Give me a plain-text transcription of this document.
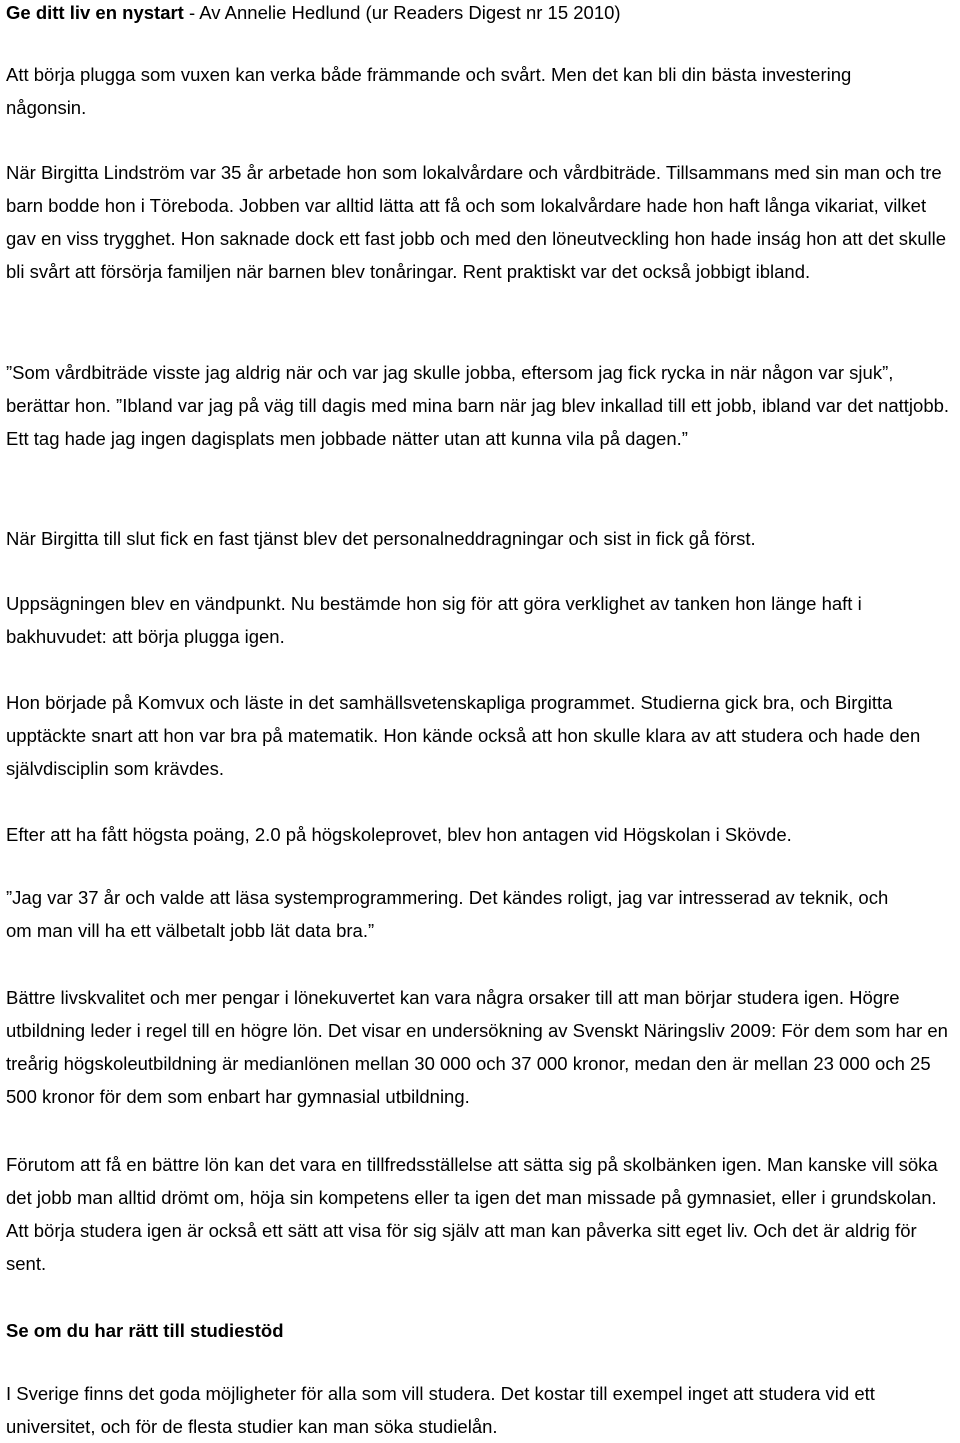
Ge ditt liv en nystart - Av Annelie Hedlund (ur Readers Digest nr 15 2010)

Att börja plugga som vuxen kan verka både främmande och svårt. Men det kan bli din bästa investering någonsin.

När Birgitta Lindström var 35 år arbetade hon som lokalvårdare och vårdbiträde. Tillsammans med sin man och tre barn bodde hon i Töreboda. Jobben var alltid lätta att få och som lokalvårdare hade hon haft långa vikariat, vilket gav en viss trygghet. Hon saknade dock ett fast jobb och med den löneutveckling hon hade inság hon att det skulle bli svårt att försörja familjen när barnen blev tonåringar. Rent praktiskt var det också jobbigt ibland.

”Som vårdbiträde visste jag aldrig när och var jag skulle jobba, eftersom jag fick rycka in när någon var sjuk”, berättar hon. ”Ibland var jag på väg till dagis med mina barn när jag blev inkallad till ett jobb, ibland var det nattjobb. Ett tag hade jag ingen dagisplats men jobbade nätter utan att kunna vila på dagen.”

När Birgitta till slut fick en fast tjänst blev det personalneddragningar och sist in fick gå först.

Uppsägningen blev en vändpunkt. Nu bestämde hon sig för att göra verklighet av tanken hon länge haft i bakhuvudet: att börja plugga igen.

Hon började på Komvux och läste in det samhällsvetenskapliga programmet. Studierna gick bra, och Birgitta upptäckte snart att hon var bra på matematik. Hon kände också att hon skulle klara av att studera och hade den självdisciplin som krävdes.

Efter att ha fått högsta poäng, 2.0 på högskoleprovet, blev hon antagen vid Högskolan i Skövde.

”Jag var 37 år och valde att läsa systemprogrammering. Det kändes roligt, jag var intresserad av teknik, och om man vill ha ett välbetalt jobb lät data bra.”

Bättre livskvalitet och mer pengar i lönekuvertet kan vara några orsaker till att man börjar studera igen. Högre utbildning leder i regel till en högre lön. Det visar en undersökning av Svenskt Näringsliv 2009: För dem som har en treårig högskoleutbildning är medianlönen mellan 30 000 och 37 000 kronor, medan den är mellan 23 000 och 25 500 kronor för dem som enbart har gymnasial utbildning.

Förutom att få en bättre lön kan det vara en tillfredsställelse att sätta sig på skolbänken igen. Man kanske vill söka det jobb man alltid drömt om, höja sin kompetens eller ta igen det man missade på gymnasiet, eller i grundskolan. Att börja studera igen är också ett sätt att visa för sig själv att man kan påverka sitt eget liv. Och det är aldrig för sent.

Se om du har rätt till studiestöd

I Sverige finns det goda möjligheter för alla som vill studera. Det kostar till exempel inget att studera vid ett universitet, och för de flesta studier kan man söka studielån.
